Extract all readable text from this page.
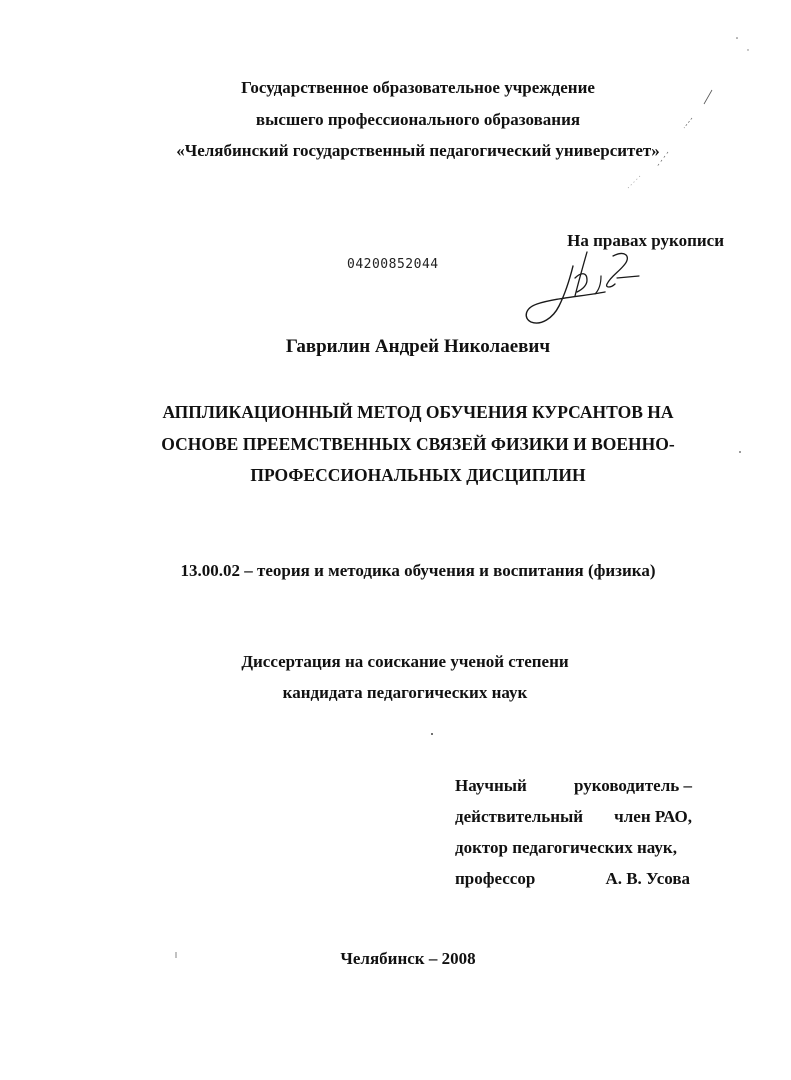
Государственное образовательное учреждение
высшего профессионального образования
«Челябинский государственный педагогический университет»
На правах рукописи
04200852044
Гаврилин Андрей Николаевич
АППЛИКАЦИОННЫЙ МЕТОД ОБУЧЕНИЯ КУРСАНТОВ НА
ОСНОВЕ ПРЕЕМСТВЕННЫХ СВЯЗЕЙ ФИЗИКИ И ВОЕННО-
ПРОФЕССИОНАЛЬНЫХ ДИСЦИПЛИН
13.00.02 – теория и методика обучения и воспитания (физика)
Диссертация на соискание ученой степени
кандидата педагогических наук
Научный	руководитель –
действительный член РАО,
доктор педагогических наук,
профессор	А. В. Усова
Челябинск – 2008
